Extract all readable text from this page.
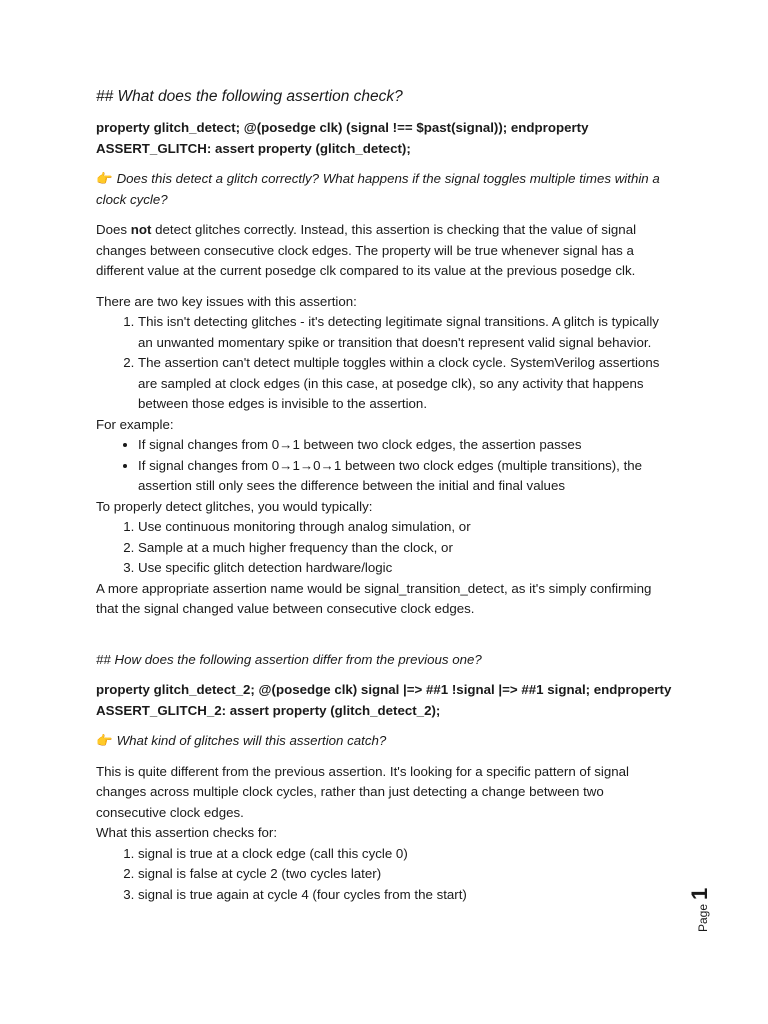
## What does the following assertion check?

property glitch_detect; @(posedge clk) (signal !== $past(signal)); endproperty

ASSERT_GLITCH: assert property (glitch_detect);

👉 Does this detect a glitch correctly? What happens if the signal toggles multiple times within a clock cycle?

Does not detect glitches correctly. Instead, this assertion is checking that the value of signal changes between consecutive clock edges. The property will be true whenever signal has a different value at the current posedge clk compared to its value at the previous posedge clk.

There are two key issues with this assertion:

1. This isn't detecting glitches - it's detecting legitimate signal transitions. A glitch is typically an unwanted momentary spike or transition that doesn't represent valid signal behavior.
2. The assertion can't detect multiple toggles within a clock cycle. SystemVerilog assertions are sampled at clock edges (in this case, at posedge clk), so any activity that happens between those edges is invisible to the assertion.

For example:

• If signal changes from 0→1 between two clock edges, the assertion passes
• If signal changes from 0→1→0→1 between two clock edges (multiple transitions), the assertion still only sees the difference between the initial and final values

To properly detect glitches, you would typically:

1. Use continuous monitoring through analog simulation, or
2. Sample at a much higher frequency than the clock, or
3. Use specific glitch detection hardware/logic

A more appropriate assertion name would be signal_transition_detect, as it's simply confirming that the signal changed value between consecutive clock edges.

## How does the following assertion differ from the previous one?

property glitch_detect_2; @(posedge clk) signal |=> ##1 !signal |=> ##1 signal; endproperty

ASSERT_GLITCH_2: assert property (glitch_detect_2);

👉 What kind of glitches will this assertion catch?

This is quite different from the previous assertion. It's looking for a specific pattern of signal changes across multiple clock cycles, rather than just detecting a change between two consecutive clock edges.

What this assertion checks for:

1. signal is true at a clock edge (call this cycle 0)
2. signal is false at cycle 2 (two cycles later)
3. signal is true again at cycle 4 (four cycles from the start)
Page1
